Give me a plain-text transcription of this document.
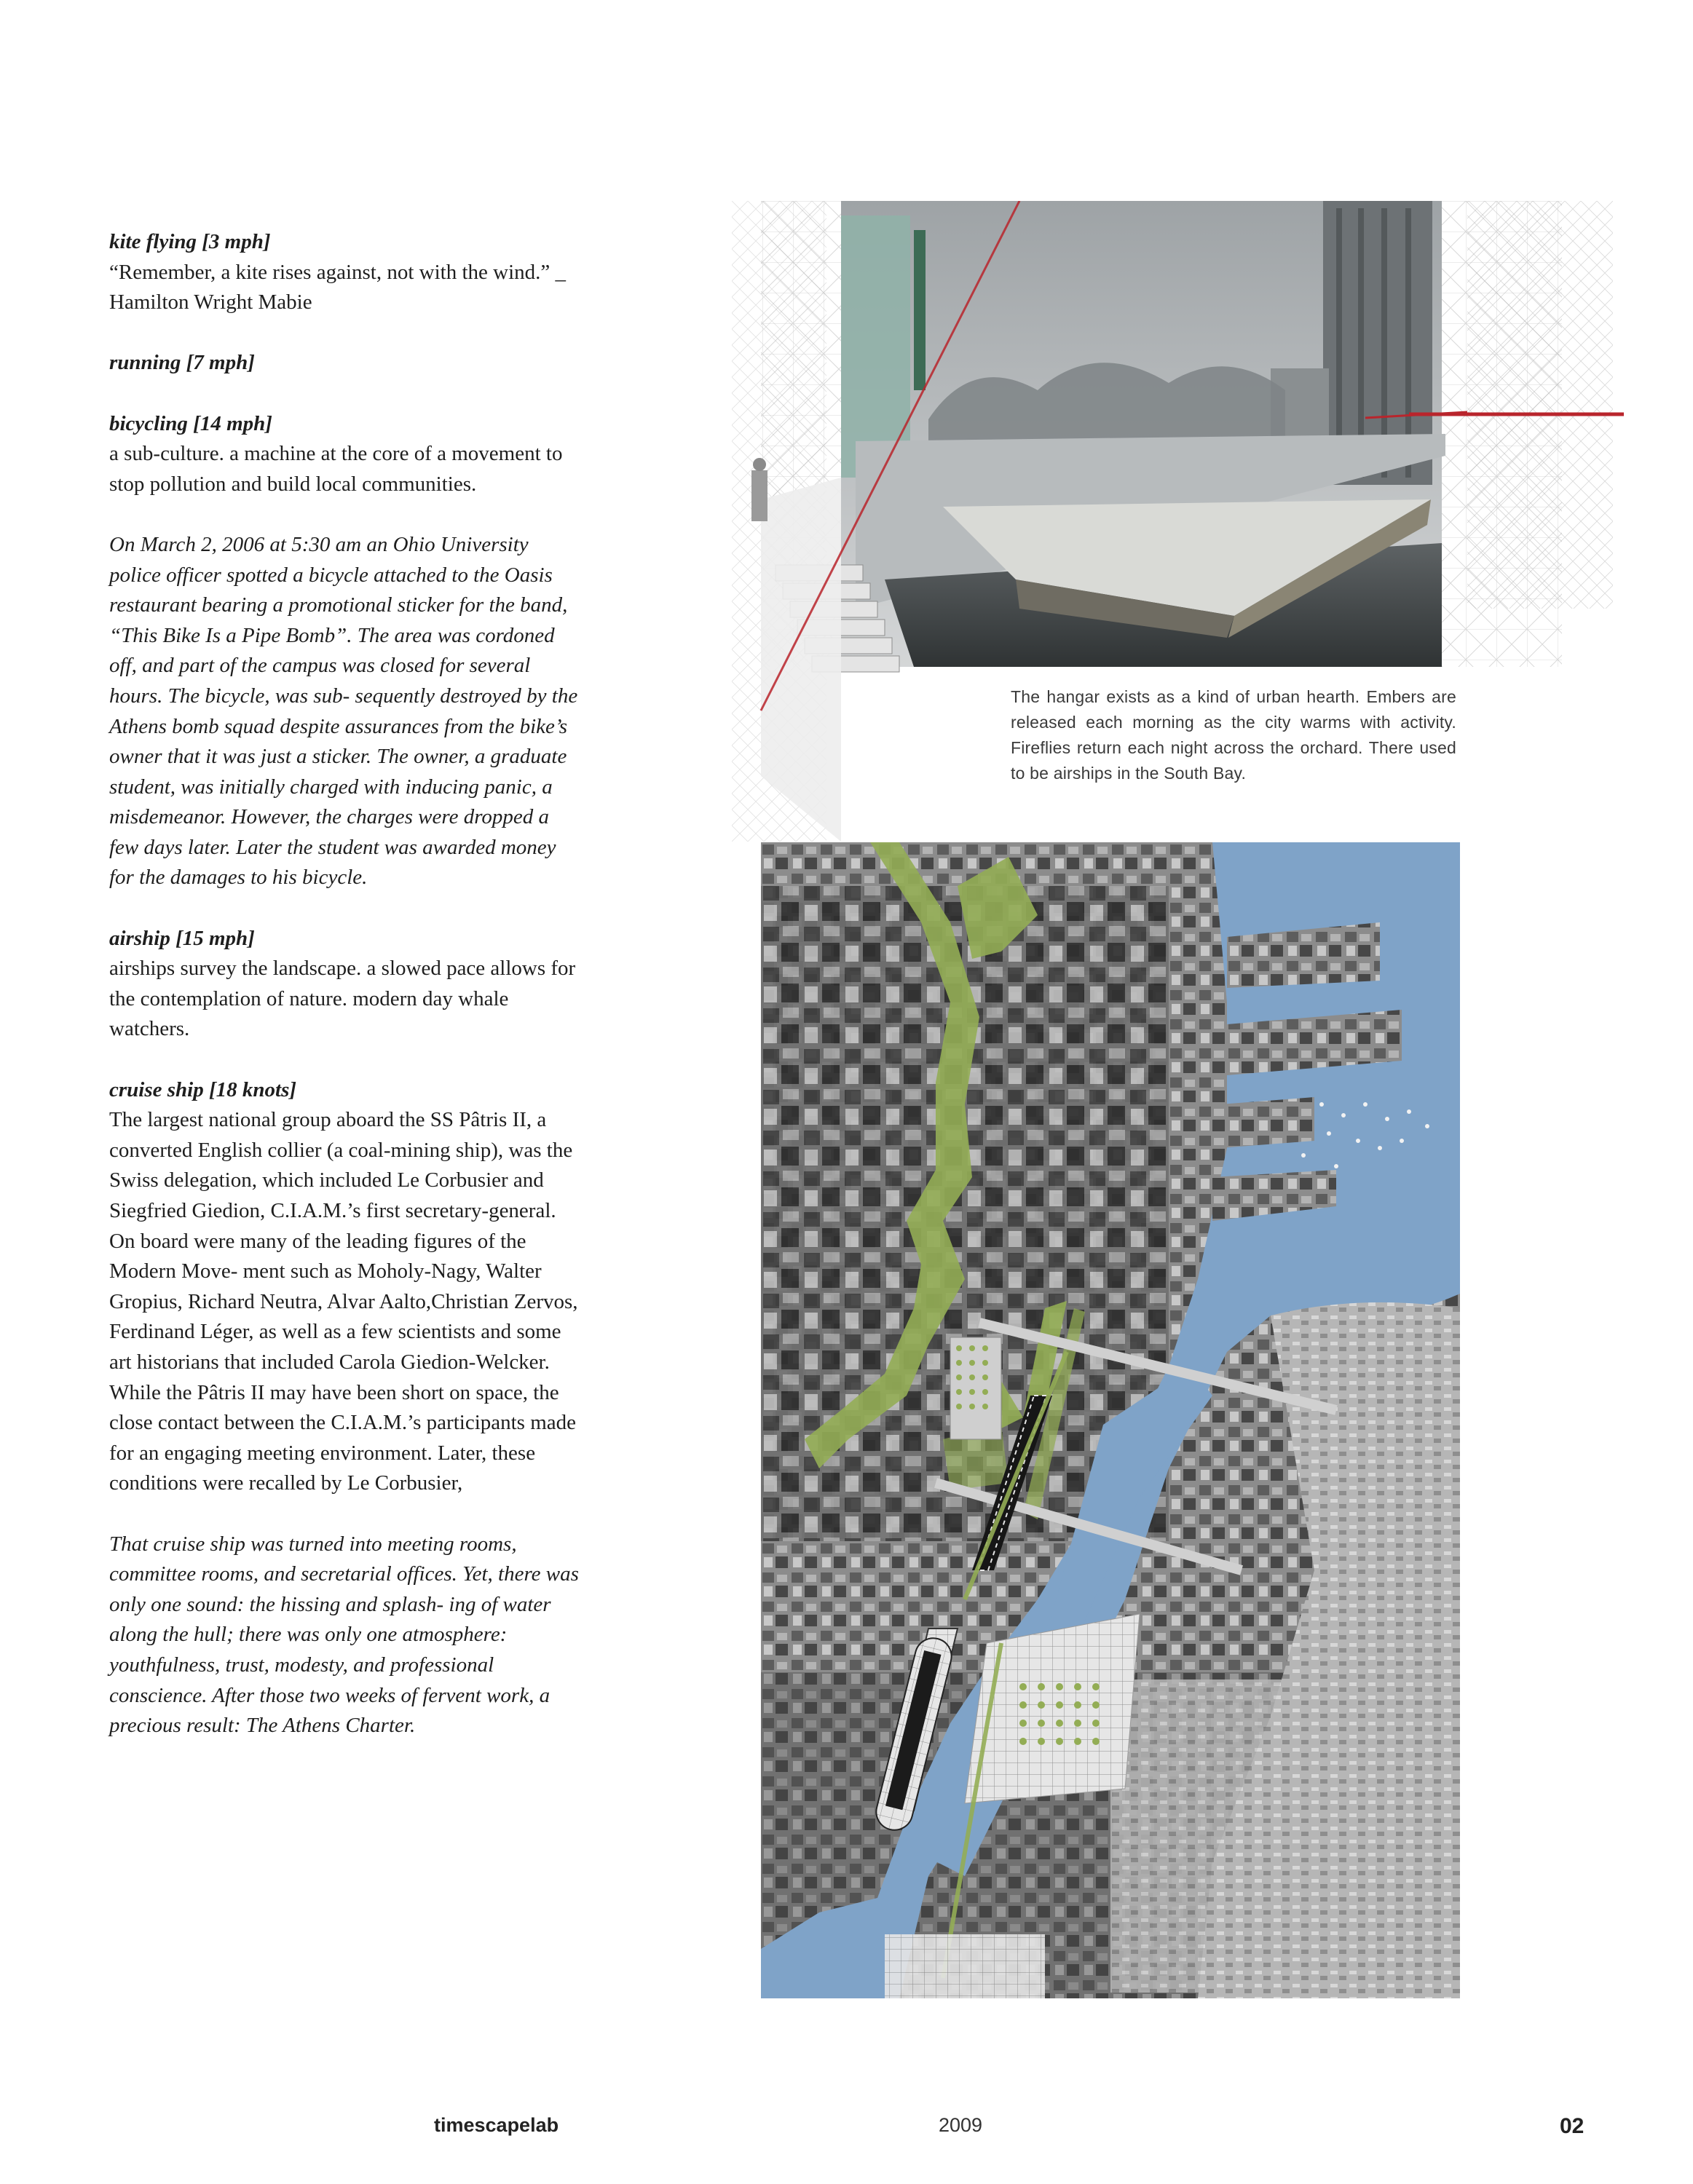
kite flying [3 mph]

“Remember, a kite rises against, not with the wind.” _ Hamilton Wright Mabie

running [7 mph]

bicycling [14 mph]

a sub-culture. a machine at the core of a movement to stop pollution and build local communities.

On March 2, 2006 at 5:30 am an Ohio University police officer spotted a bicycle attached to the Oasis restaurant bearing a promotional sticker for the band, “This Bike Is a Pipe Bomb”. The area was cordoned off, and part of the campus was closed for several hours. The bicycle, was sub- sequently destroyed by the Athens bomb squad despite assurances from the bike’s owner that it was just a sticker. The owner, a graduate student, was initially charged with inducing panic, a misdemeanor. However, the charges were dropped a few days later. Later the student was awarded money for the damages to his bicycle.

airship [15 mph]

airships survey the landscape. a slowed pace allows for the contemplation of nature. modern day whale watchers.

cruise ship [18 knots]

The largest national group aboard the SS Pâtris II, a converted English collier (a coal-mining ship), was the Swiss delegation, which included Le Corbusier and Siegfried Giedion, C.I.A.M.’s first secretary-general. On board were many of the leading figures of the Modern Move- ment such as Moholy-Nagy, Walter Gropius, Richard Neutra, Alvar Aalto,Christian Zervos, Ferdinand Léger, as well as a few scientists and some art historians that included Carola Giedion-Welcker. While the Pâtris II may have been short on space, the close contact between the C.I.A.M.’s participants made for an engaging meeting environment. Later, these conditions were recalled by Le Corbusier,

That cruise ship was turned into meeting rooms, committee rooms, and secretarial offices. Yet, there was only one sound: the hissing and splash- ing of water along the hull; there was only one atmosphere: youthfulness, trust, modesty, and professional conscience. After those two weeks of fervent work, a precious result: The Athens Charter.

The hangar exists as a kind of urban hearth. Embers are released each morning as the city warms with activity. Fireflies return each night across the orchard. There used to be airships in the South Bay.
timescapelab	2009	02
